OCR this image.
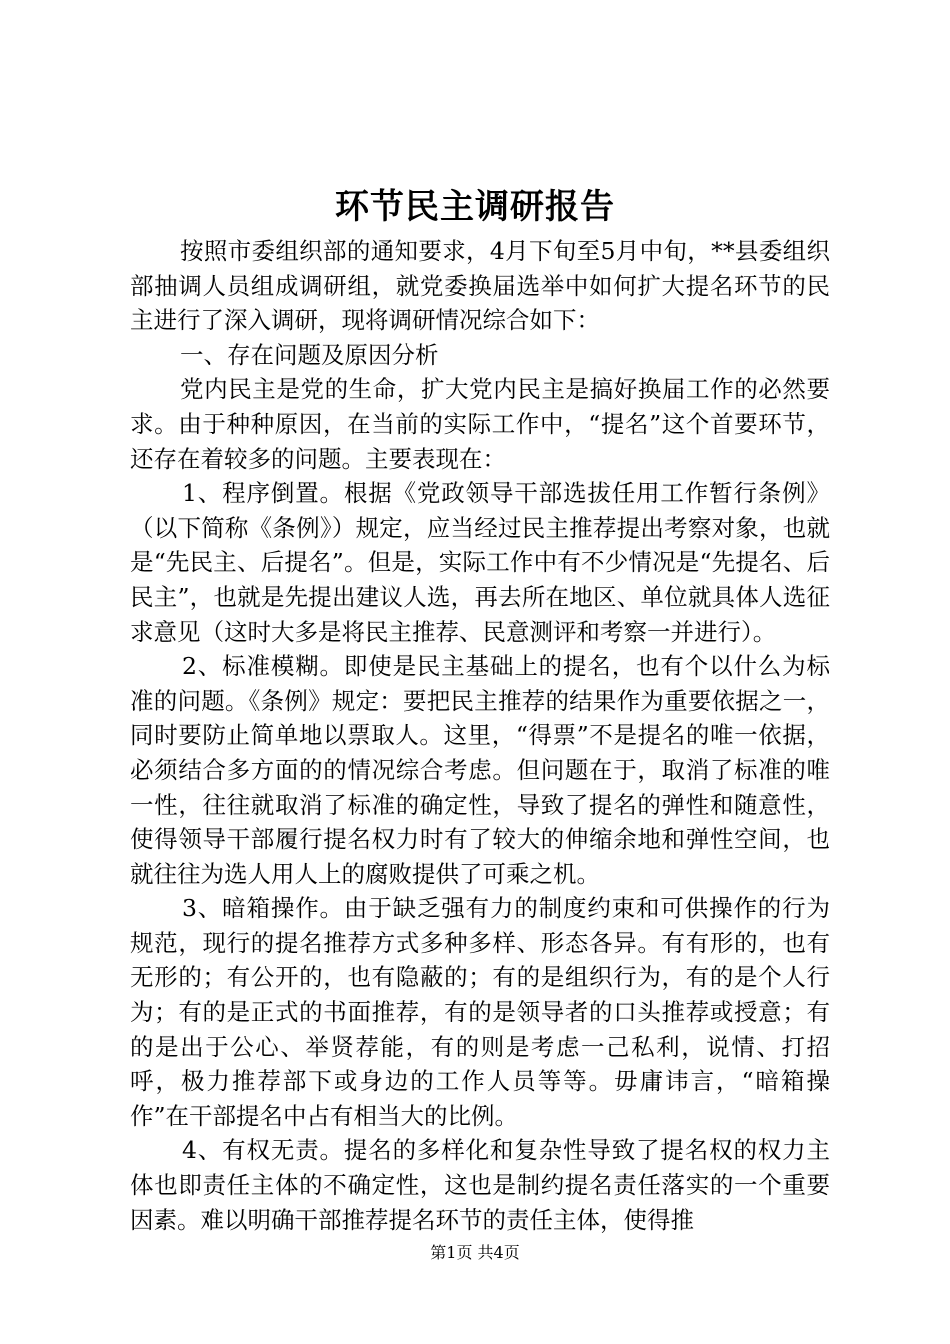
环节民主调研报告

按照市委组织部的通知要求，4月下旬至5月中旬，**县委组织部抽调人员组成调研组，就党委换届选举中如何扩大提名环节的民主进行了深入调研，现将调研情况综合如下：

一、存在问题及原因分析

党内民主是党的生命，扩大党内民主是搞好换届工作的必然要求。由于种种原因，在当前的实际工作中，“提名”这个首要环节，还存在着较多的问题。主要表现在：

1、程序倒置。根据《党政领导干部选拔任用工作暂行条例》（以下简称《条例》）规定，应当经过民主推荐提出考察对象，也就是“先民主、后提名”。但是，实际工作中有不少情况是“先提名、后民主”，也就是先提出建议人选，再去所在地区、单位就具体人选征求意见（这时大多是将民主推荐、民意测评和考察一并进行）。

2、标准模糊。即使是民主基础上的提名，也有个以什么为标准的问题。《条例》规定：要把民主推荐的结果作为重要依据之一，同时要防止简单地以票取人。这里，“得票”不是提名的唯一依据，必须结合多方面的的情况综合考虑。但问题在于，取消了标准的唯一性，往往就取消了标准的确定性，导致了提名的弹性和随意性，使得领导干部履行提名权力时有了较大的伸缩余地和弹性空间，也就往往为选人用人上的腐败提供了可乘之机。

3、暗箱操作。由于缺乏强有力的制度约束和可供操作的行为规范，现行的提名推荐方式多种多样、形态各异。有有形的，也有无形的；有公开的，也有隐蔽的；有的是组织行为，有的是个人行为；有的是正式的书面推荐，有的是领导者的口头推荐或授意；有的是出于公心、举贤荐能，有的则是考虑一己私利，说情、打招呼，极力推荐部下或身边的工作人员等等。毋庸讳言，“暗箱操作”在干部提名中占有相当大的比例。

4、有权无责。提名的多样化和复杂性导致了提名权的权力主体也即责任主体的不确定性，这也是制约提名责任落实的一个重要因素。难以明确干部推荐提名环节的责任主体，使得推

第1页 共4页
